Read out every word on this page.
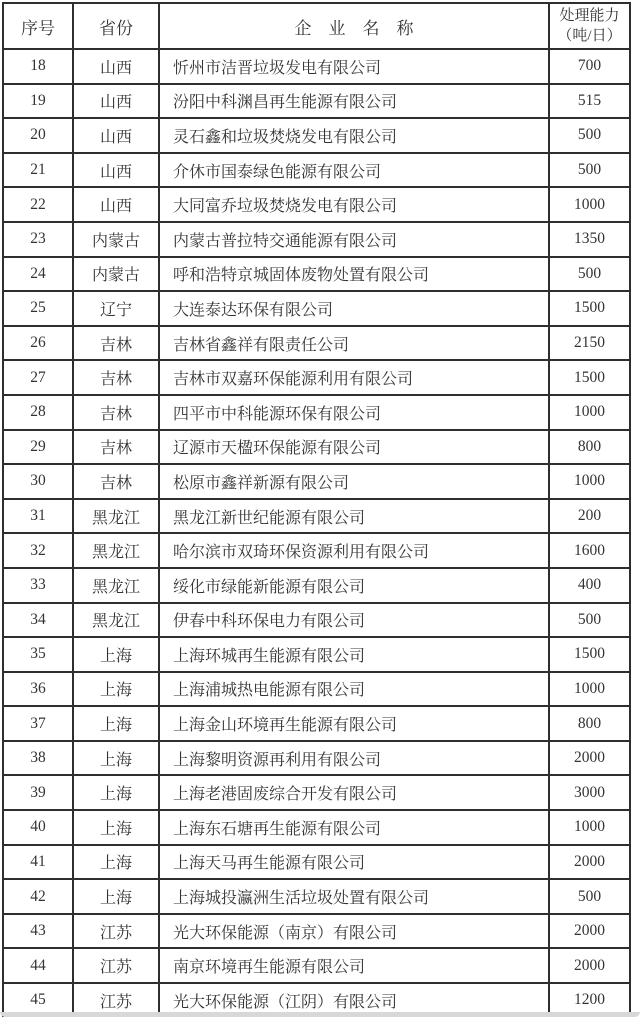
序号	省份	企　业　名　称	处理能力
（吨/日）

18	山西	忻州市洁晋垃圾发电有限公司	700
19	山西	汾阳中科渊昌再生能源有限公司	515
20	山西	灵石鑫和垃圾焚烧发电有限公司	500
21	山西	介休市国泰绿色能源有限公司	500
22	山西	大同富乔垃圾焚烧发电有限公司	1000
23	内蒙古	内蒙古普拉特交通能源有限公司	1350
24	内蒙古	呼和浩特京城固体废物处置有限公司	500
25	辽宁	大连泰达环保有限公司	1500
26	吉林	吉林省鑫祥有限责任公司	2150
27	吉林	吉林市双嘉环保能源利用有限公司	1500
28	吉林	四平市中科能源环保有限公司	1000
29	吉林	辽源市天楹环保能源有限公司	800
30	吉林	松原市鑫祥新源有限公司	1000
31	黑龙江	黑龙江新世纪能源有限公司	200
32	黑龙江	哈尔滨市双琦环保资源利用有限公司	1600
33	黑龙江	绥化市绿能新能源有限公司	400
34	黑龙江	伊春中科环保电力有限公司	500
35	上海	上海环城再生能源有限公司	1500
36	上海	上海浦城热电能源有限公司	1000
37	上海	上海金山环境再生能源有限公司	800
38	上海	上海黎明资源再利用有限公司	2000
39	上海	上海老港固废综合开发有限公司	3000
40	上海	上海东石塘再生能源有限公司	1000
41	上海	上海天马再生能源有限公司	2000
42	上海	上海城投瀛洲生活垃圾处置有限公司	500
43	江苏	光大环保能源（南京）有限公司	2000
44	江苏	南京环境再生能源有限公司	2000
45	江苏	光大环保能源（江阴）有限公司	1200
